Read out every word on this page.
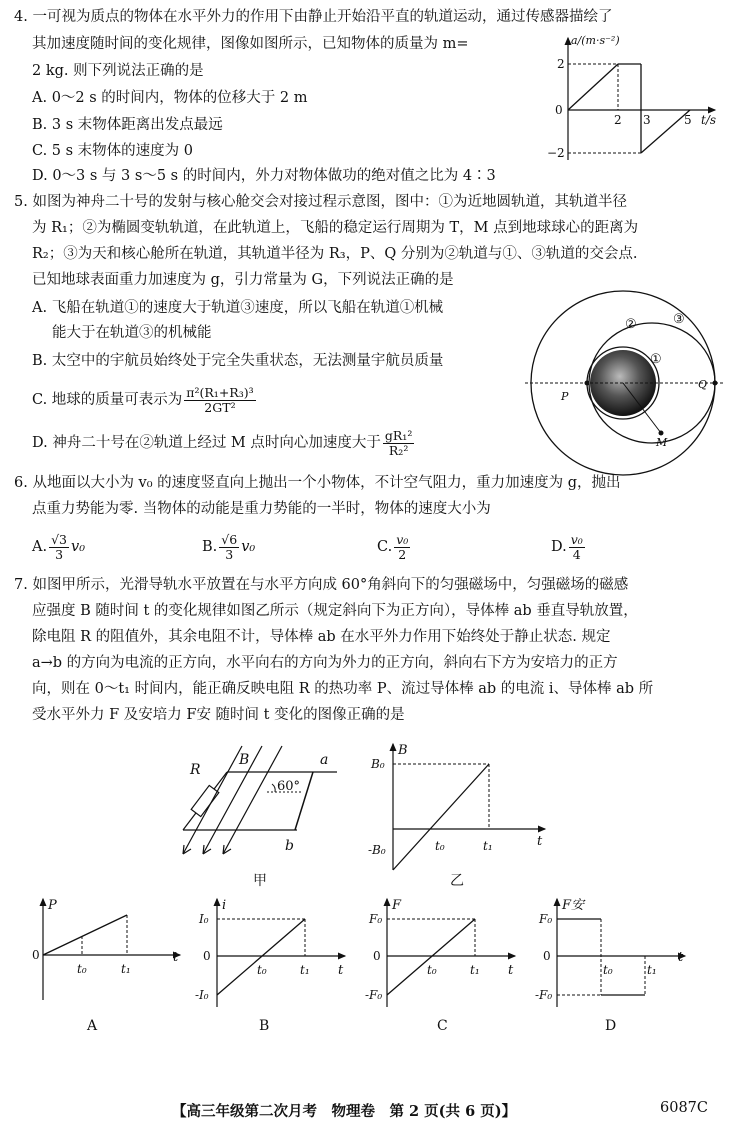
4. 一可视为质点的物体在水平外力的作用下由静止开始沿平直的轨道运动，通过传感器描绘了
其加速度随时间的变化规律，图像如图所示，已知物体的质量为 m=
2 kg. 则下列说法正确的是
A. 0～2 s 的时间内，物体的位移大于 2 m
B. 3 s 末物体距离出发点最远
C. 5 s 末物体的速度为 0
D. 0～3 s 与 3 s～5 s 的时间内，外力对物体做功的绝对值之比为 4∶3
a/(m·s⁻²)
t/s
0
2
−2
2 3	5
5. 如图为神舟二十号的发射与核心舱交会对接过程示意图，图中：①为近地圆轨道，其轨道半径
为 R₁；②为椭圆变轨轨道，在此轨道上，飞船的稳定运行周期为 T，M 点到地球球心的距离为
R₂；③为天和核心舱所在轨道，其轨道半径为 R₃，P、Q 分别为②轨道与①、③轨道的交会点.
已知地球表面重力加速度为 g，引力常量为 G，下列说法正确的是
A. 飞船在轨道①的速度大于轨道③速度，所以飞船在轨道①机械
能大于在轨道③的机械能
B. 太空中的宇航员始终处于完全失重状态，无法测量宇航员质量
C. 地球的质量可表示为 $\frac{\text{π²(R₁+R₃)³}}{\text{2GT²}}$
D. 神舟二十号在②轨道上经过 M 点时向心加速度大于 $\frac{\text{gR₁²}}{\text{R₂²}}$
①
②	③
P
Q
M
6. 从地面以大小为 v₀ 的速度竖直向上抛出一个小物体，不计空气阻力，重力加速度为 g，抛出
点重力势能为零. 当物体的动能是重力势能的一半时，物体的速度大小为
A. $\frac{√3}{3} v_0$	B. $\frac{√6}{3} v_0$	C. $\frac{\text{v₀}}{2}$	D. $\frac{\text{v₀}}{4}$
7. 如图甲所示，光滑导轨水平放置在与水平方向成 60°角斜向下的匀强磁场中，匀强磁场的磁感
应强度 B 随时间 t 的变化规律如图乙所示（规定斜向下为正方向），导体棒 ab 垂直导轨放置，
除电阻 R 的阻值外，其余电阻不计，导体棒 ab 在水平外力作用下始终处于静止状态. 规定
a→b 的方向为电流的正方向，水平向右的方向为外力的正方向，斜向右下方为安培力的正方
向，则在 0～t₁ 时间内，能正确反映电阻 R 的热功率 P、流过导体棒 ab 的电流 i、导体棒 ab 所
受水平外力 F 及安培力 F安 随时间 t 变化的图像正确的是
60°
R
B	a
b
甲
B
t
B₀
-B₀	t₀	t₁
乙
P
0	t
t₀	t₁
A
i
I₀
-I₀
0
t
t₀	t₁
B
F
F₀
-F₀
0
t
t₀	t₁
C
F安
F₀
-F₀
0	t
t₀	t₁
D
【高三年级第二次月考　物理卷　第 2 页(共 6 页)】	6087C
